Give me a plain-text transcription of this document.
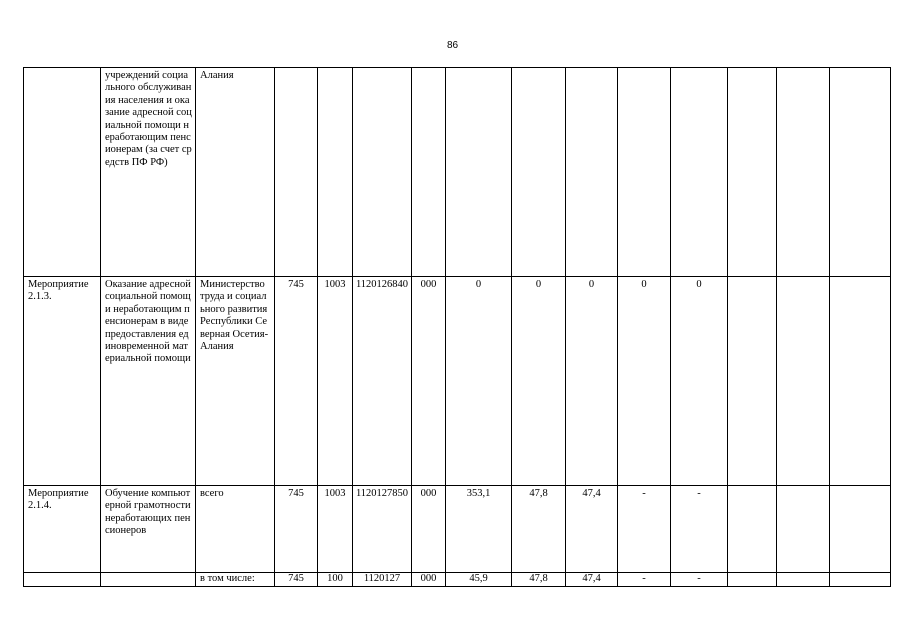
86
	учреждений социального обслуживания населения и оказание адресной социальной помощи неработающим пенсионерам (за счет средств ПФ РФ)	Алания												
Мероприятие 2.1.3.	Оказание адресной социальной помощи неработающим пенсионерам в виде предоставления единовременной материальной помощи	Министерство труда и социального развития Республики Северная Осетия-Алания	745	1003	1120126840	000	0	0	0	0	0			
Мероприятие 2.1.4.	Обучение компьютерной грамотности неработающих пенсионеров	всего	745	1003	1120127850	000	353,1	47,8	47,4	-	-			
		в том числе:	745	100	1120127	000	45,9	47,8	47,4	-	-			
